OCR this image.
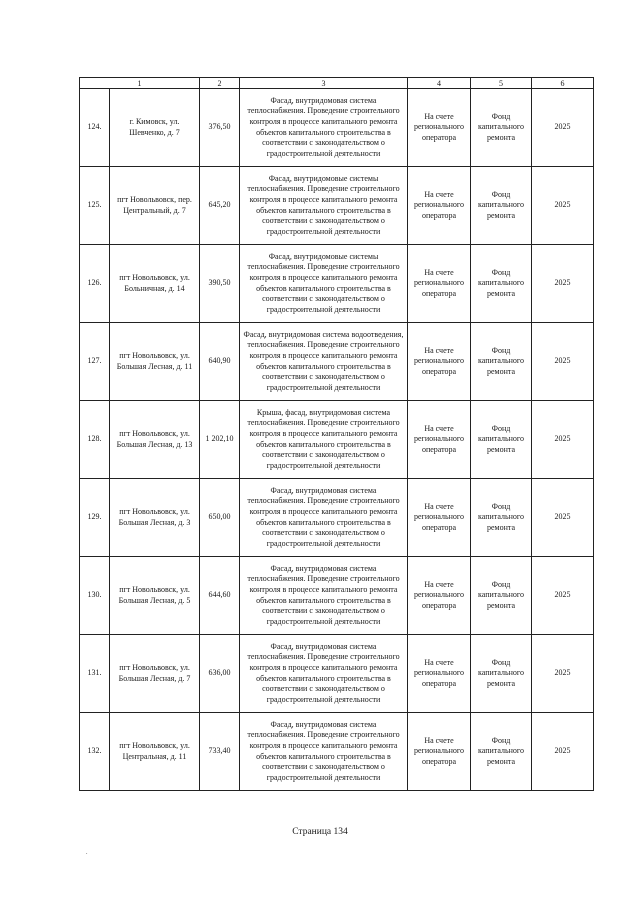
1		2	3	4	5	6
124.	г. Кимовск, ул. Шевченко, д. 7	376,50	Фасад, внутридомовая система теплоснабжения. Проведение строительного контроля в процессе капитального ремонта объектов капитального строительства в соответствии с законодательством о градостроительной деятельности	На счете регионального оператора	Фонд капитального ремонта	2025
125.	пгт Новольвовск, пер. Центральный, д. 7	645,20	Фасад, внутридомовые системы теплоснабжения. Проведение строительного контроля в процессе капитального ремонта объектов капитального строительства в соответствии с законодательством о градостроительной деятельности	На счете регионального оператора	Фонд капитального ремонта	2025
126.	пгт Новольвовск, ул. Больничная, д. 14	390,50	Фасад, внутридомовые системы теплоснабжения. Проведение строительного контроля в процессе капитального ремонта объектов капитального строительства в соответствии с законодательством о градостроительной деятельности	На счете регионального оператора	Фонд капитального ремонта	2025
127.	пгт Новольвовск, ул. Большая Лесная, д. 11	640,90	Фасад, внутридомовая система водоотведения, теплоснабжения. Проведение строительного контроля в процессе капитального ремонта объектов капитального строительства в соответствии с законодательством о градостроительной деятельности	На счете регионального оператора	Фонд капитального ремонта	2025
128.	пгт Новольвовск, ул. Большая Лесная, д. 13	1 202,10	Крыша, фасад, внутридомовая система теплоснабжения. Проведение строительного контроля в процессе капитального ремонта объектов капитального строительства в соответствии с законодательством о градостроительной деятельности	На счете регионального оператора	Фонд капитального ремонта	2025
129.	пгт Новольвовск, ул. Большая Лесная, д. 3	650,00	Фасад, внутридомовая система теплоснабжения. Проведение строительного контроля в процессе капитального ремонта объектов капитального строительства в соответствии с законодательством о градостроительной деятельности	На счете регионального оператора	Фонд капитального ремонта	2025
130.	пгт Новольвовск, ул. Большая Лесная, д. 5	644,60	Фасад, внутридомовая система теплоснабжения. Проведение строительного контроля в процессе капитального ремонта объектов капитального строительства в соответствии с законодательством о градостроительной деятельности	На счете регионального оператора	Фонд капитального ремонта	2025
131.	пгт Новольвовск, ул. Большая Лесная, д. 7	636,00	Фасад, внутридомовая система теплоснабжения. Проведение строительного контроля в процессе капитального ремонта объектов капитального строительства в соответствии с законодательством о градостроительной деятельности	На счете регионального оператора	Фонд капитального ремонта	2025
132.	пгт Новольвовск, ул. Центральная, д. 11	733,40	Фасад, внутридомовая система теплоснабжения. Проведение строительного контроля в процессе капитального ремонта объектов капитального строительства в соответствии с законодательством о градостроительной деятельности	На счете регионального оператора	Фонд капитального ремонта	2025
Страница 134
.
